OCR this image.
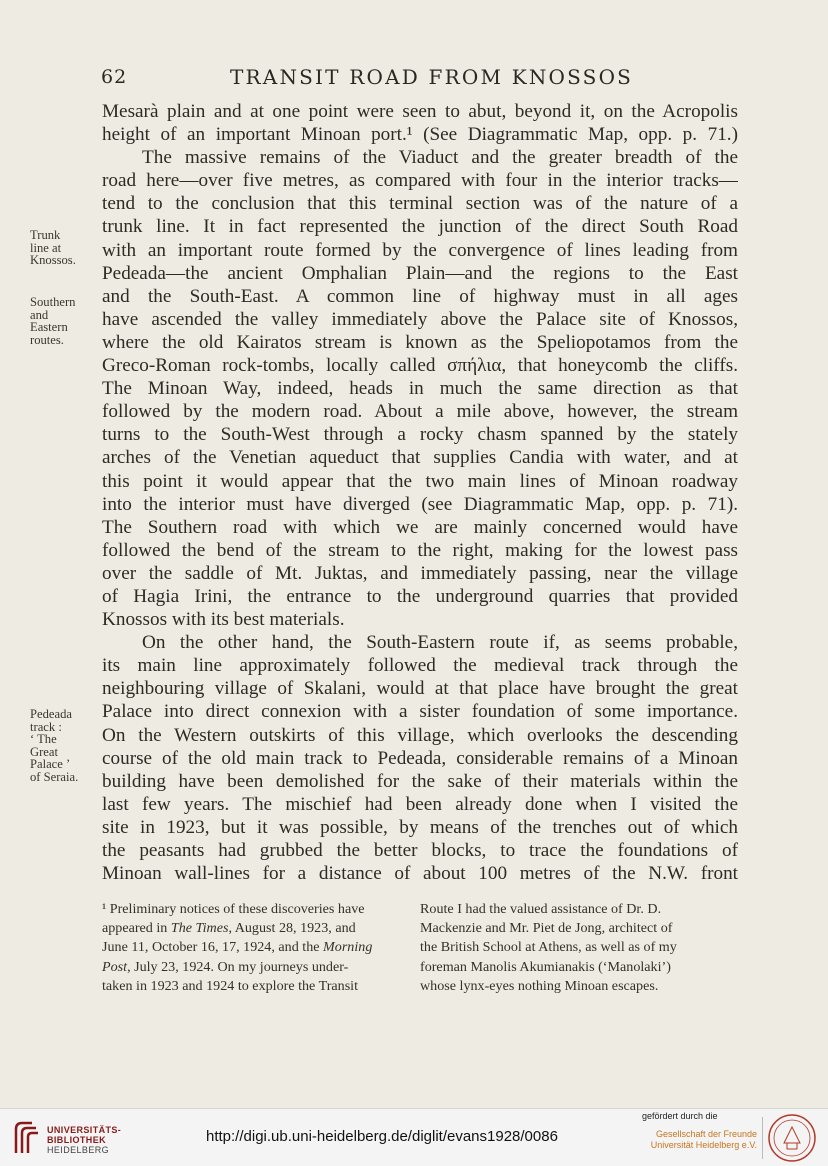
62	TRANSIT ROAD FROM KNOSSOS
Mesarà plain and at one point were seen to abut, beyond it, on the Acropolis
height of an important Minoan port.¹ (See Diagrammatic Map, opp. p. 71.)
The massive remains of the Viaduct and the greater breadth of the
road here—over five metres, as compared with four in the interior tracks—
tend to the conclusion that this terminal section was of the nature of a
trunk line. It in fact represented the junction of the direct South Road
with an important route formed by the convergence of lines leading from
Pedeada—the ancient Omphalian Plain—and the regions to the East
and the South-East. A common line of highway must in all ages
have ascended the valley immediately above the Palace site of Knossos,
where the old Kairatos stream is known as the Speliopotamos from the
Greco-Roman rock-tombs, locally called σπήλια, that honeycomb the cliffs.
The Minoan Way, indeed, heads in much the same direction as that
followed by the modern road. About a mile above, however, the stream
turns to the South-West through a rocky chasm spanned by the stately
arches of the Venetian aqueduct that supplies Candia with water, and at
this point it would appear that the two main lines of Minoan roadway
into the interior must have diverged (see Diagrammatic Map, opp. p. 71).
The Southern road with which we are mainly concerned would have
followed the bend of the stream to the right, making for the lowest pass
over the saddle of Mt. Juktas, and immediately passing, near the village
of Hagia Irini, the entrance to the underground quarries that provided
Knossos with its best materials.
On the other hand, the South-Eastern route if, as seems probable,
its main line approximately followed the medieval track through the
neighbouring village of Skalani, would at that place have brought the great
Palace into direct connexion with a sister foundation of some importance.
On the Western outskirts of this village, which overlooks the descending
course of the old main track to Pedeada, considerable remains of a Minoan
building have been demolished for the sake of their materials within the
last few years. The mischief had been already done when I visited the
site in 1923, but it was possible, by means of the trenches out of which
the peasants had grubbed the better blocks, to trace the foundations of
Minoan wall-lines for a distance of about 100 metres of the N.W. front
Trunk
line at
Knossos.
Southern
and
Eastern
routes.
Pedeada
track :
‘ The
Great
Palace ’
of Seraia.
¹ Preliminary notices of these discoveries have
appeared in The Times, August 28, 1923, and
June 11, October 16, 17, 1924, and the Morning
Post, July 23, 1924. On my journeys under-
taken in 1923 and 1924 to explore the Transit
Route I had the valued assistance of Dr. D.
Mackenzie and Mr. Piet de Jong, architect of
the British School at Athens, as well as of my
foreman Manolis Akumianakis (‘Manolaki’)
whose lynx-eyes nothing Minoan escapes.
UNIVERSITÄTS-
BIBLIOTHEK
HEIDELBERG
http://digi.ub.uni-heidelberg.de/diglit/evans1928/0086
gefördert durch die
Gesellschaft der Freunde
Universität Heidelberg e.V.
